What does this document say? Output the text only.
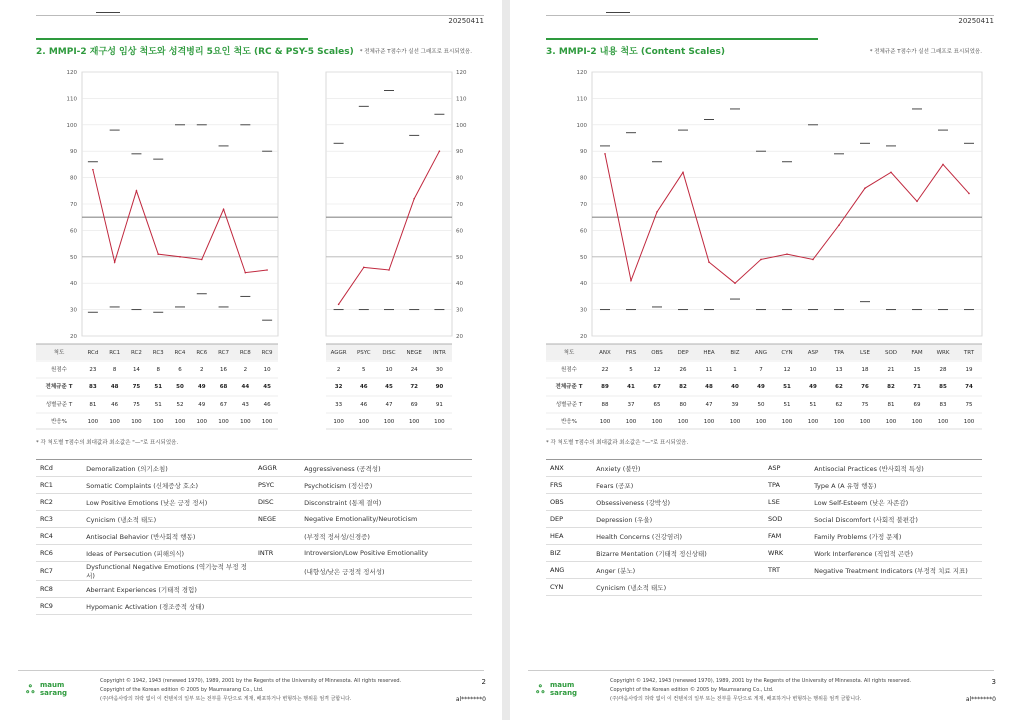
20250411
2. MMPI-2 재구성 임상 척도와 성격병리 5요인 척도 (RC & PSY-5 Scales) * 전체규준 T점수가 실선 그래프로 표시되었음.
20
30
40
50
60
70
80
90
100
110
120
척도	RCd RC1 RC2 RC3 RC4 RC6 RC7 RC8 RC9
원점수	23	8	14	8	6	2	16	2	10
전체규준 T	83	48	75	51	50	49	68	44	45
성별규준 T	81	46	75	51	52	49	67	43	46
반응%	100 100 100 100 100 100 100 100 100
20
30
40
50
60
70
80
90
100
110
120
AGGR PSYC DISC NEGE INTR
2	5	10	24	30
32	46	45	72	90
33	46	47	69	91
100	100	100	100	100
* 각 척도별 T점수의 최대값과 최소값은 "—"로 표시되었음.
RCd	Demoralization (의기소침)	AGGR	Aggressiveness (공격성)
RC1	Somatic Complaints (신체증상 호소)	PSYC	Psychoticism (정신증)
RC2	Low Positive Emotions (낮은 긍정 정서)	DISC	Disconstraint (통제 결여)
RC3	Cynicism (냉소적 태도)	NEGE	Negative Emotionality/Neuroticism
RC4	Antisocial Behavior (반사회적 행동)		(부정적 정서성/신경증)
RC6	Ideas of Persecution (피해의식)	INTR	Introversion/Low Positive Emotionality
RC7	Dysfunctional Negative Emotions (역기능적 부정 정서)		(내향성/낮은 긍정적 정서성)
RC8	Aberrant Experiences (기태적 경험)		
RC9	Hypomanic Activation (경조증적 상태)		
ஃ maum
sarang
Copyright © 1942, 1943 (renewed 1970), 1989, 2001 by the Regents of the University of Minnesota. All rights reserved.
Copyright of the Korean edition © 2005 by Maumsarang Co., Ltd.
(주)마음사랑의 허락 없이 이 컨텐치의 일부 또는 전부를 무단으로 게재, 배포하거나 변형하는 행위를 엄격 금합니다.
2
al*******0
20250411
3. MMPI-2 내용 척도 (Content Scales)	* 전체규준 T점수가 실선 그래프로 표시되었음.
20
30
40
50
60
70
80
90
100
110
120
척도	ANX	FRS	OBS	DEP	HEA	BIZ	ANG	CYN	ASP	TPA	LSE	SOD	FAM	WRK	TRT
원점수	22	5	12	26	11	1	7	12	10	13	18	21	15	28	19
전체규준 T	89	41	67	82	48	40	49	51	49	62	76	82	71	85	74
성별규준 T	88	37	65	80	47	39	50	51	51	62	75	81	69	83	75
반응%	100	100	100	100	100	100	100	100	100	100	100	100	100	100	100
* 각 척도별 T점수의 최대값과 최소값은 "—"로 표시되었음.
ANX	Anxiety (불안)	ASP	Antisocial Practices (반사회적 특성)
FRS	Fears (공포)	TPA	Type A (A 유형 행동)
OBS	Obsessiveness (강박성)	LSE	Low Self-Esteem (낮은 자존감)
DEP	Depression (우울)	SOD	Social Discomfort (사회적 불편감)
HEA	Health Concerns (건강염려)	FAM	Family Problems (가정 문제)
BIZ	Bizarre Mentation (기태적 정신상태)	WRK	Work Interference (직업적 곤란)
ANG	Anger (분노)	TRT	Negative Treatment Indicators (부정적 치료 지표)
CYN	Cynicism (냉소적 태도)		
ஃ maum
sarang
Copyright © 1942, 1943 (renewed 1970), 1989, 2001 by the Regents of the University of Minnesota. All rights reserved.
Copyright of the Korean edition © 2005 by Maumsarang Co., Ltd.
(주)마음사랑의 허락 없이 이 컨텐치의 일부 또는 전부를 무단으로 게재, 배포하거나 변형하는 행위를 엄격 금합니다.
3
al*******0
